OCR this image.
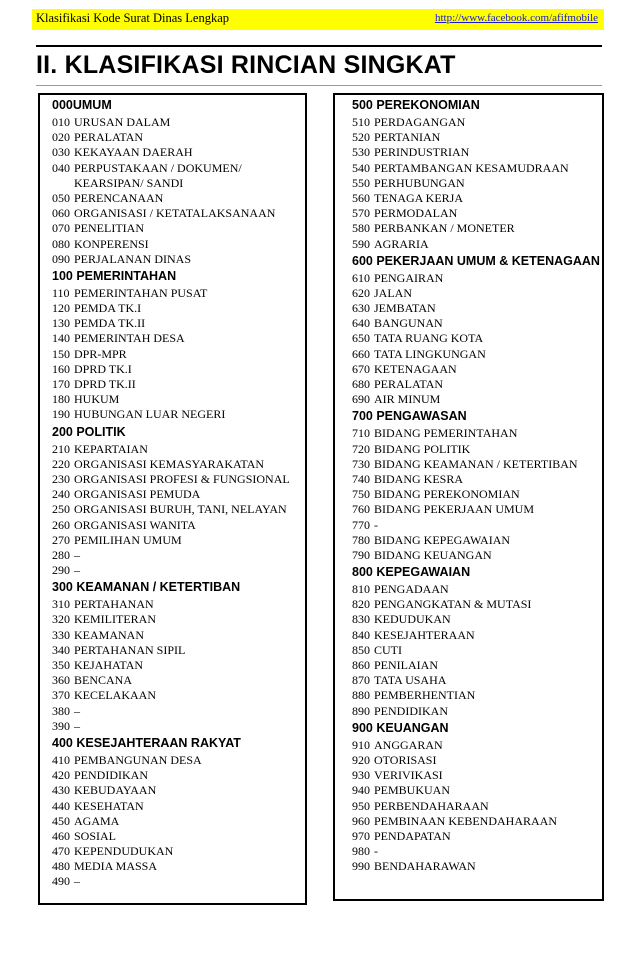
Klasifikasi Kode Surat Dinas Lengkap	http://www.facebook.com/afifmobile
II. KLASIFIKASI RINCIAN SINGKAT
000UMUM
010 URUSAN DALAM
020 PERALATAN
030 KEKAYAAN DAERAH
040 PERPUSTAKAAN / DOKUMEN/
KEARSIPAN/ SANDI
050 PERENCANAAN
060 ORGANISASI / KETATALAKSANAAN
070 PENELITIAN
080 KONPERENSI
090 PERJALANAN DINAS
100 PEMERINTAHAN
110 PEMERINTAHAN PUSAT
120 PEMDA TK.I
130 PEMDA TK.II
140 PEMERINTAH DESA
150 DPR-MPR
160 DPRD TK.I
170 DPRD TK.II
180 HUKUM
190 HUBUNGAN LUAR NEGERI
200 POLITIK
210 KEPARTAIAN
220 ORGANISASI KEMASYARAKATAN
230 ORGANISASI PROFESI & FUNGSIONAL
240 ORGANISASI PEMUDA
250 ORGANISASI BURUH, TANI, NELAYAN
260 ORGANISASI WANITA
270 PEMILIHAN UMUM
280 –
290 –
300 KEAMANAN / KETERTIBAN
310 PERTAHANAN
320 KEMILITERAN
330 KEAMANAN
340 PERTAHANAN SIPIL
350 KEJAHATAN
360 BENCANA
370 KECELAKAAN
380 –
390 –
400 KESEJAHTERAAN RAKYAT
410 PEMBANGUNAN DESA
420 PENDIDIKAN
430 KEBUDAYAAN
440 KESEHATAN
450 AGAMA
460 SOSIAL
470 KEPENDUDUKAN
480 MEDIA MASSA
490 –
500 PEREKONOMIAN
510 PERDAGANGAN
520 PERTANIAN
530 PERINDUSTRIAN
540 PERTAMBANGAN KESAMUDRAAN
550 PERHUBUNGAN
560 TENAGA KERJA
570 PERMODALAN
580 PERBANKAN / MONETER
590 AGRARIA
600 PEKERJAAN UMUM & KETENAGAAN
610 PENGAIRAN
620 JALAN
630 JEMBATAN
640 BANGUNAN
650 TATA RUANG KOTA
660 TATA LINGKUNGAN
670 KETENAGAAN
680 PERALATAN
690 AIR MINUM
700 PENGAWASAN
710 BIDANG PEMERINTAHAN
720 BIDANG POLITIK
730 BIDANG KEAMANAN / KETERTIBAN
740 BIDANG KESRA
750 BIDANG PEREKONOMIAN
760 BIDANG PEKERJAAN UMUM
770 -
780 BIDANG KEPEGAWAIAN
790 BIDANG KEUANGAN
800 KEPEGAWAIAN
810 PENGADAAN
820 PENGANGKATAN & MUTASI
830 KEDUDUKAN
840 KESEJAHTERAAN
850 CUTI
860 PENILAIAN
870 TATA USAHA
880 PEMBERHENTIAN
890 PENDIDIKAN
900 KEUANGAN
910 ANGGARAN
920 OTORISASI
930 VERIVIKASI
940 PEMBUKUAN
950 PERBENDAHARAAN
960 PEMBINAAN KEBENDAHARAAN
970 PENDAPATAN
980 -
990 BENDAHARAWAN
